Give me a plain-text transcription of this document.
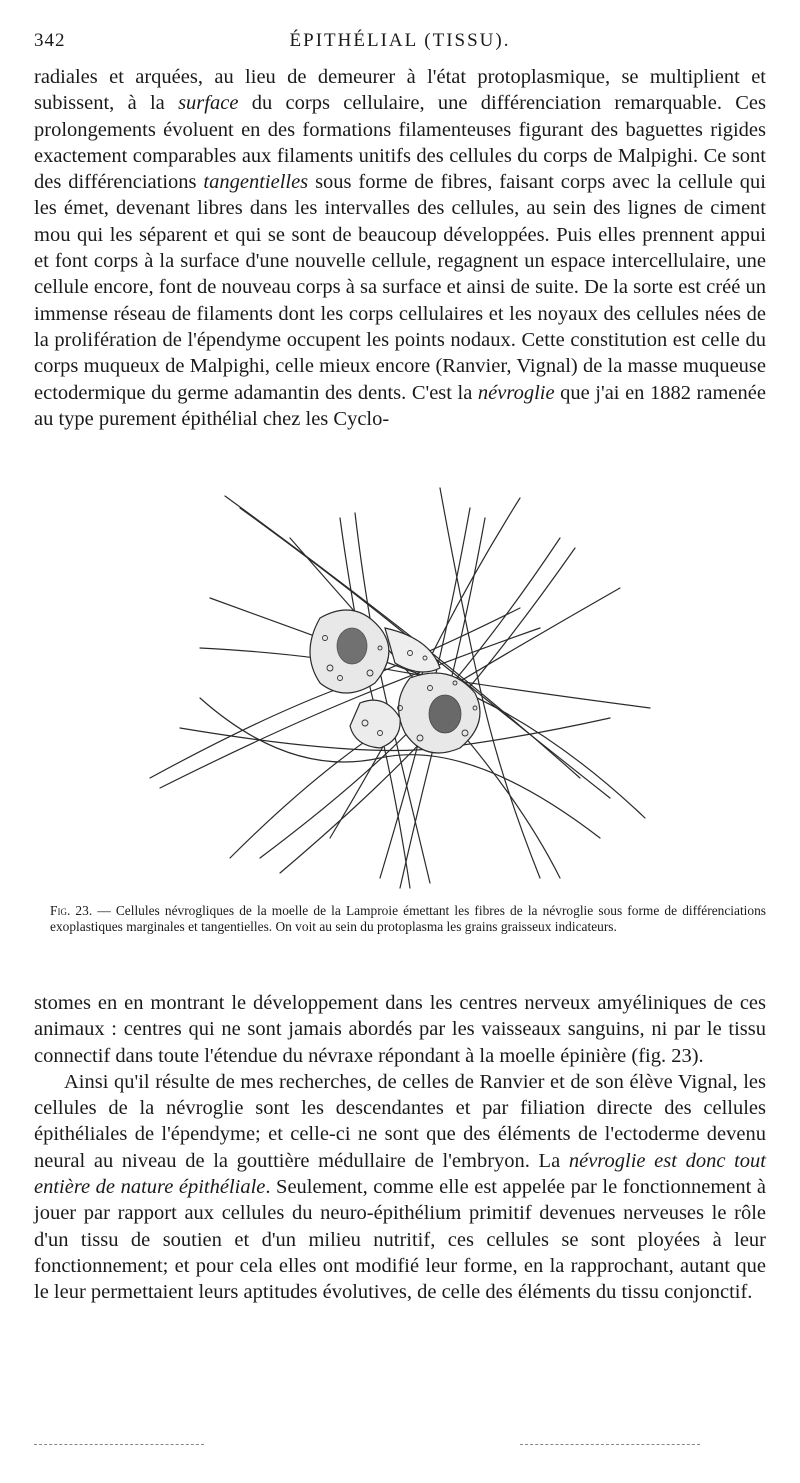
342	ÉPITHÉLIAL (TISSU).

radiales et arquées, au lieu de demeurer à l'état protoplasmique, se multiplient et subissent, à la surface du corps cellulaire, une différenciation remarquable. Ces prolongements évoluent en des formations filamenteuses figurant des baguettes rigides exactement comparables aux filaments unitifs des cellules du corps de Malpighi. Ce sont des différenciations tangentielles sous forme de fibres, faisant corps avec la cellule qui les émet, devenant libres dans les intervalles des cellules, au sein des lignes de ciment mou qui les séparent et qui se sont de beaucoup développées. Puis elles prennent appui et font corps à la surface d'une nouvelle cellule, regagnent un espace intercellulaire, une cellule encore, font de nouveau corps à sa surface et ainsi de suite. De la sorte est créé un immense réseau de filaments dont les corps cellulaires et les noyaux des cellules nées de la prolifération de l'épendyme occupent les points nodaux. Cette constitution est celle du corps muqueux de Malpighi, celle mieux encore (Ranvier, Vignal) de la masse muqueuse ectodermique du germe adamantin des dents. C'est la névroglie que j'ai en 1882 ramenée au type purement épithélial chez les Cyclo-

Fig. 23. — Cellules névrogliques de la moelle de la Lamproie émettant les fibres de la névroglie sous forme de différenciations exoplastiques marginales et tangentielles. On voit au sein du protoplasma les grains graisseux indicateurs.

stomes en en montrant le développement dans les centres nerveux amyéliniques de ces animaux : centres qui ne sont jamais abordés par les vaisseaux sanguins, ni par le tissu connectif dans toute l'étendue du névraxe répondant à la moelle épinière (fig. 23).

Ainsi qu'il résulte de mes recherches, de celles de Ranvier et de son élève Vignal, les cellules de la névroglie sont les descendantes et par filiation directe des cellules épithéliales de l'épendyme; et celle-ci ne sont que des éléments de l'ectoderme devenu neural au niveau de la gouttière médullaire de l'embryon. La névroglie est donc tout entière de nature épithéliale. Seulement, comme elle est appelée par le fonctionnement à jouer par rapport aux cellules du neuro-épithélium primitif devenues nerveuses le rôle d'un tissu de soutien et d'un milieu nutritif, ces cellules se sont ployées à leur fonctionnement; et pour cela elles ont modifié leur forme, en la rapprochant, autant que le leur permettaient leurs aptitudes évolutives, de celle des éléments du tissu conjonctif.
